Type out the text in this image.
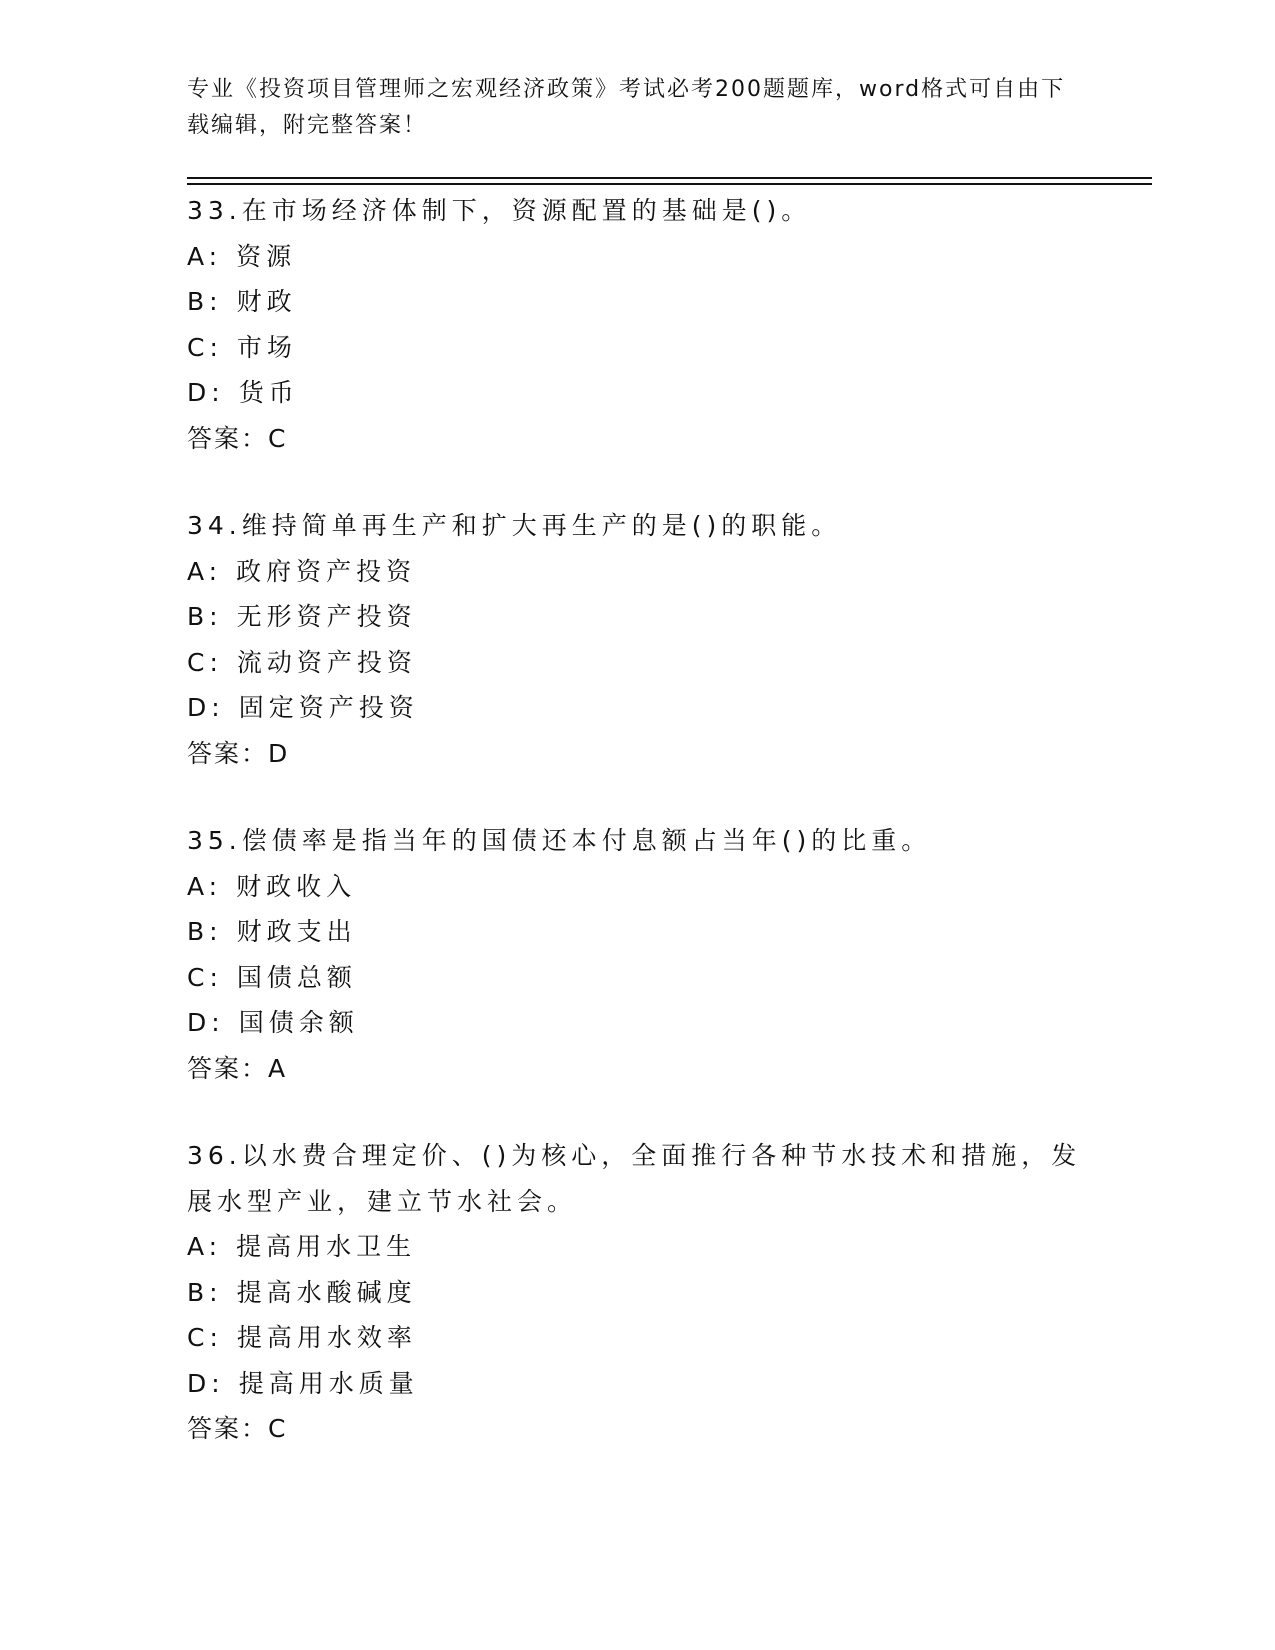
专业《投资项目管理师之宏观经济政策》考试必考200题题库，word格式可自由下载编辑，附完整答案！

33.在市场经济体制下，资源配置的基础是()。

A: 资源
B: 财政
C: 市场
D: 货币
答案：C

34.维持简单再生产和扩大再生产的是()的职能。

A: 政府资产投资
B: 无形资产投资
C: 流动资产投资
D: 固定资产投资
答案：D

35.偿债率是指当年的国债还本付息额占当年()的比重。

A: 财政收入
B: 财政支出
C: 国债总额
D: 国债余额
答案：A

36.以水费合理定价、()为核心，全面推行各种节水技术和措施，发展水型产业，建立节水社会。

A: 提高用水卫生
B: 提高水酸碱度
C: 提高用水效率
D: 提高用水质量
答案：C
